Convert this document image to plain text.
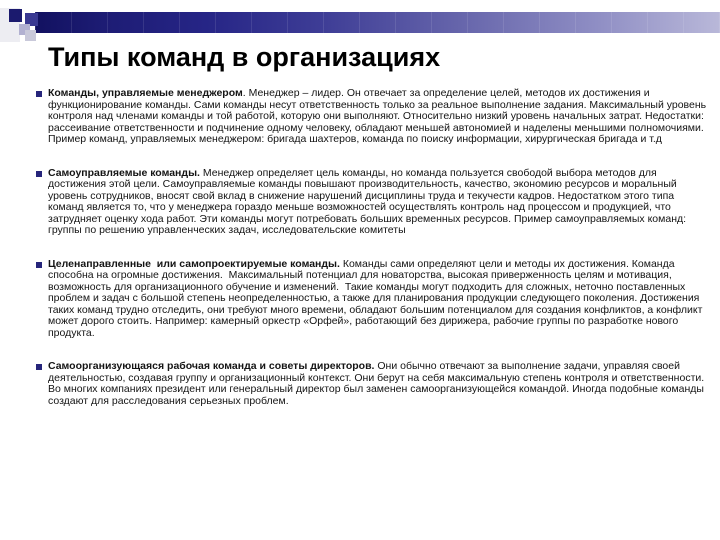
Типы команд в организациях

Команды, управляемые менеджером. Менеджер – лидер. Он отвечает за определение целей, методов их достижения и функционирование команды. Сами команды несут ответственность только за реальное выполнение задания. Максимальный уровень контроля над членами команды и той работой, которую они выполняют. Относительно низкий уровень начальных затрат. Недостатки: рассеивание ответственности и подчинение одному человеку, обладают меньшей автономией и наделены меньшими полномочиями. Пример команд, управляемых менеджером: бригада шахтеров, команда по поиску информации, хирургическая бригада и т.д

Самоуправляемые команды. Менеджер определяет цель команды, но команда пользуется свободой выбора методов для достижения этой цели. Самоуправляемые команды повышают производительность, качество, экономию ресурсов и моральный уровень сотрудников, вносят свой вклад в снижение нарушений дисциплины труда и текучести кадров. Недостатком этого типа команд является то, что у менеджера гораздо меньше возможностей осуществлять контроль над процессом и продукцией, что затрудняет оценку хода работ. Эти команды могут потребовать больших временных ресурсов. Пример самоуправляемых команд: группы по решению управленческих задач, исследовательские комитеты

Целенаправленные  или самопроектируемые команды. Команды сами определяют цели и методы их достижения. Команда способна на огромные достижения.  Максимальный потенциал для новаторства, высокая приверженность целям и мотивация, возможность для организационного обучение и изменений.  Такие команды могут подходить для сложных, неточно поставленных проблем и задач с большой степень неопределенностью, а также для планирования продукции следующего поколения. Достижения таких команд трудно отследить, они требуют много времени, обладают большим потенциалом для создания конфликтов, а конфликт может дорого стоить. Например: камерный оркестр «Орфей», работающий без дирижера, рабочие группы по разработке нового продукта.

Самоорганизующаяся рабочая команда и советы директоров. Они обычно отвечают за выполнение задачи, управляя своей деятельностью, создавая группу и организационный контекст. Они берут на себя максимальную степень контроля и ответственности. Во многих компаниях президент или генеральный директор был заменен самоорганизующейся командой. Иногда подобные команды создают для расследования серьезных проблем.
